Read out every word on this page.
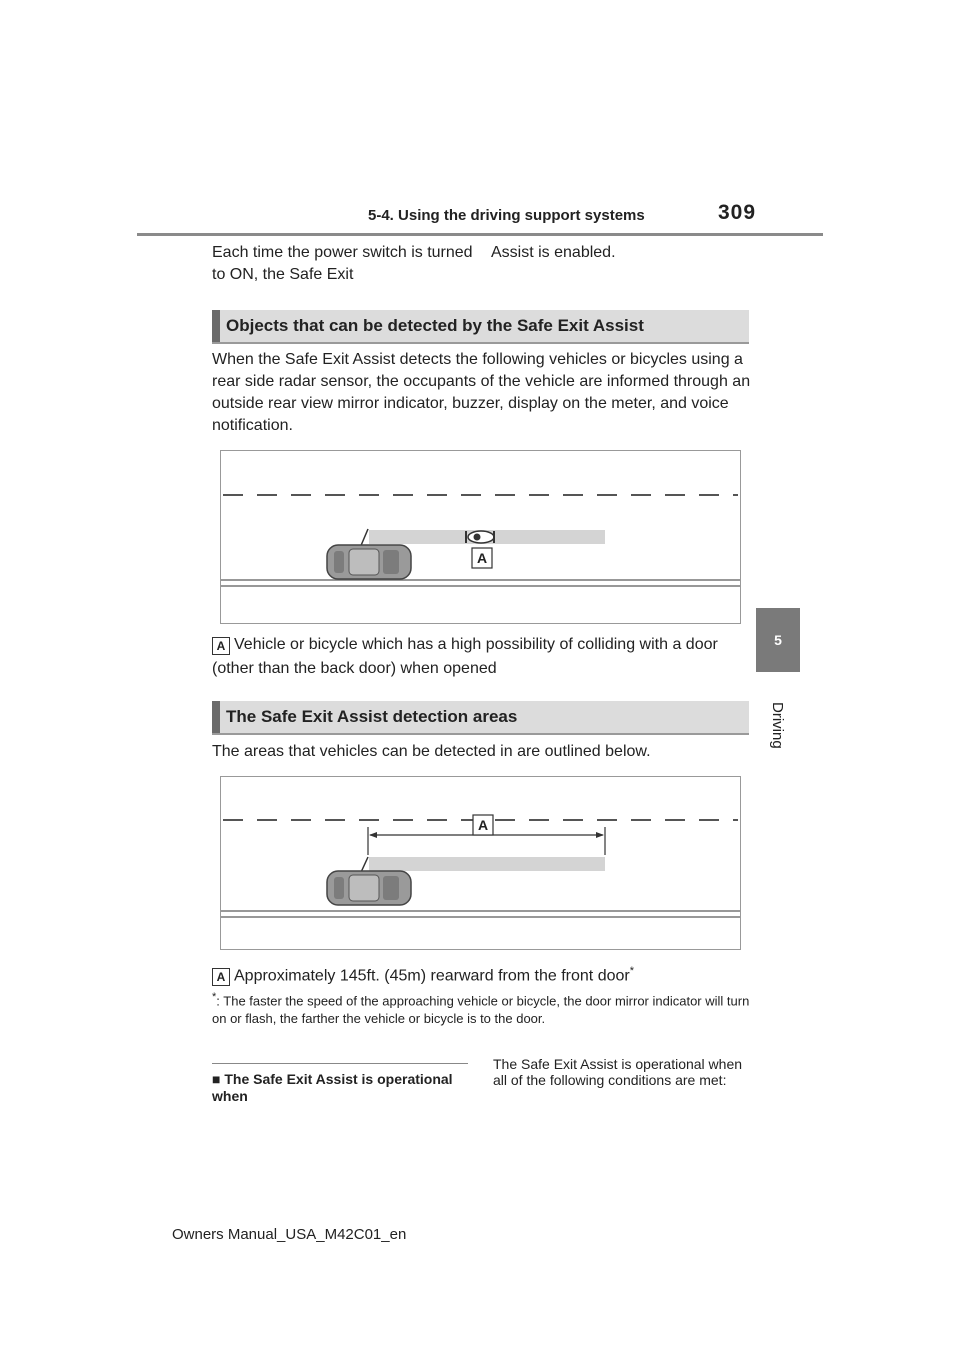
5-4. Using the driving support systems	309
5
Driving
Each time the power switch is turned to ON, the Safe Exit
Assist is enabled.
Objects that can be detected by the Safe Exit Assist
When the Safe Exit Assist detects the following vehicles or bicycles using a rear side radar sensor, the occupants of the vehicle are informed through an outside rear view mirror indicator, buzzer, display on the meter, and voice notification.
A
A Vehicle or bicycle which has a high possibility of colliding with a door (other than the back door) when opened
The Safe Exit Assist detection areas
The areas that vehicles can be detected in are outlined below.
A
A Approximately 145ft. (45m) rearward from the front door*
*: The faster the speed of the approaching vehicle or bicycle, the door mirror indicator will turn on or flash, the farther the vehicle or bicycle is to the door.
■ The Safe Exit Assist is operational when
The Safe Exit Assist is operational when all of the following conditions are met:
Owners Manual_USA_M42C01_en
